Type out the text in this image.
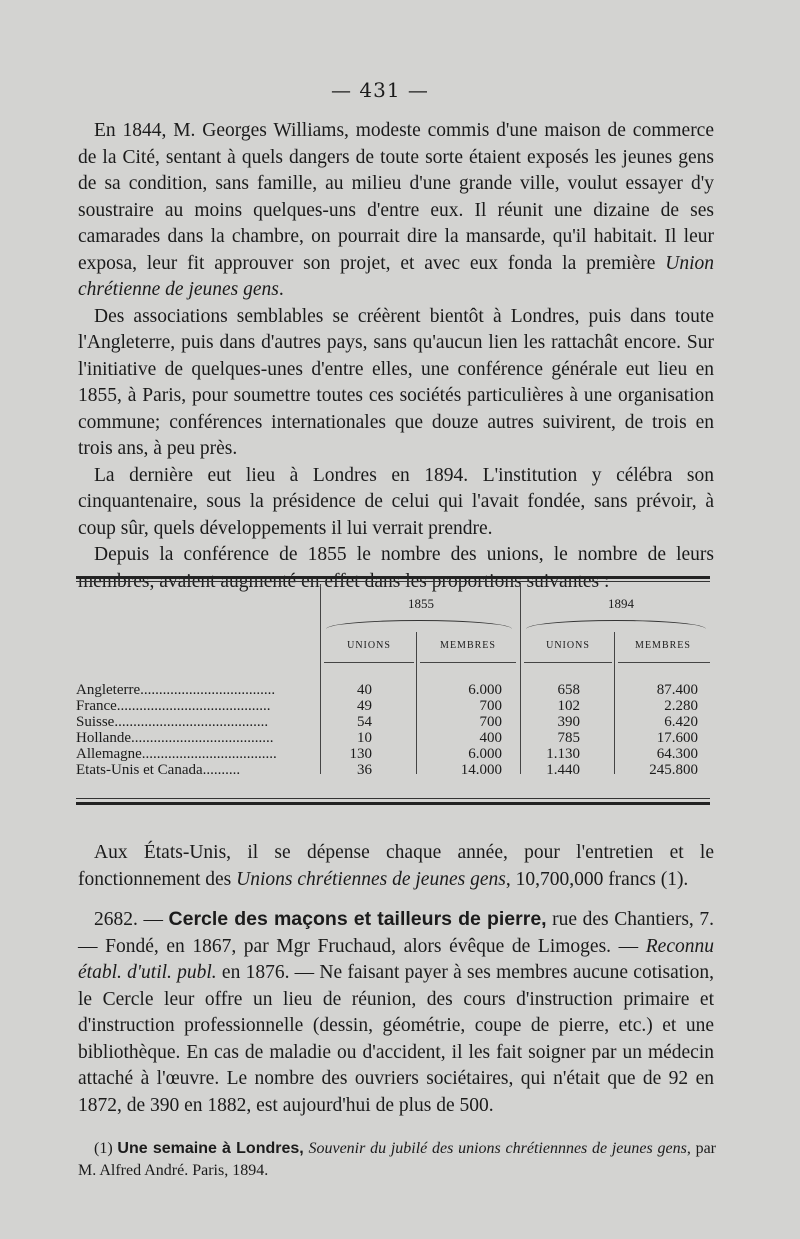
— 431 —

En 1844, M. Georges Williams, modeste commis d'une maison de commerce de la Cité, sentant à quels dangers de toute sorte étaient exposés les jeunes gens de sa condition, sans famille, au milieu d'une grande ville, voulut essayer d'y soustraire au moins quelques-uns d'entre eux. Il réunit une dizaine de ses camarades dans la chambre, on pourrait dire la mansarde, qu'il habitait. Il leur exposa, leur fit approuver son projet, et avec eux fonda la première Union chrétienne de jeunes gens.

Des associations semblables se créèrent bientôt à Londres, puis dans toute l'Angleterre, puis dans d'autres pays, sans qu'aucun lien les rattachât encore. Sur l'initiative de quelques-unes d'entre elles, une conférence générale eut lieu en 1855, à Paris, pour soumettre toutes ces sociétés particulières à une organisation commune; conférences internationales que douze autres suivirent, de trois en trois ans, à peu près.

La dernière eut lieu à Londres en 1894. L'institution y célébra son cinquantenaire, sous la présidence de celui qui l'avait fondée, sans prévoir, à coup sûr, quels développements il lui verrait prendre.

Depuis la conférence de 1855 le nombre des unions, le nombre de leurs

1855	1894
UNIONS	MEMBRES	UNIONS	MEMBRES
Angleterre....................................	40	6.000	658	87.400
France.........................................	49	700	102	2.280
Suisse.........................................	54	700	390	6.420
Hollande......................................	10	400	785	17.600
Allemagne....................................	130	6.000	1.130	64.300
Etats-Unis et Canada..........	36	14.000	1.440	245.800

Aux États-Unis, il se dépense chaque année, pour l'entretien et le fonctionnement des Unions chrétiennes de jeunes gens, 10,700,000 francs (1).

2682. — Cercle des maçons et tailleurs de pierre, rue des Chantiers, 7. — Fondé, en 1867, par Mgr Fruchaud, alors évêque de Limoges. — Reconnu établ. d'util. publ. en 1876. — Ne faisant payer à ses membres aucune cotisation, le Cercle leur offre un lieu de réunion, des cours d'instruction primaire et d'instruction professionnelle (dessin, géométrie, coupe de pierre, etc.) et une bibliothèque. En cas de maladie ou d'accident, il les fait soigner par un médecin attaché à l'œuvre. Le nombre des ouvriers sociétaires, qui n'était que de 92 en 1872, de 390 en 1882, est aujourd'hui de plus de 500.

(1) Une semaine à Londres, Souvenir du jubilé des unions chrétiennnes de jeunes gens, par M. Alfred André. Paris, 1894.
